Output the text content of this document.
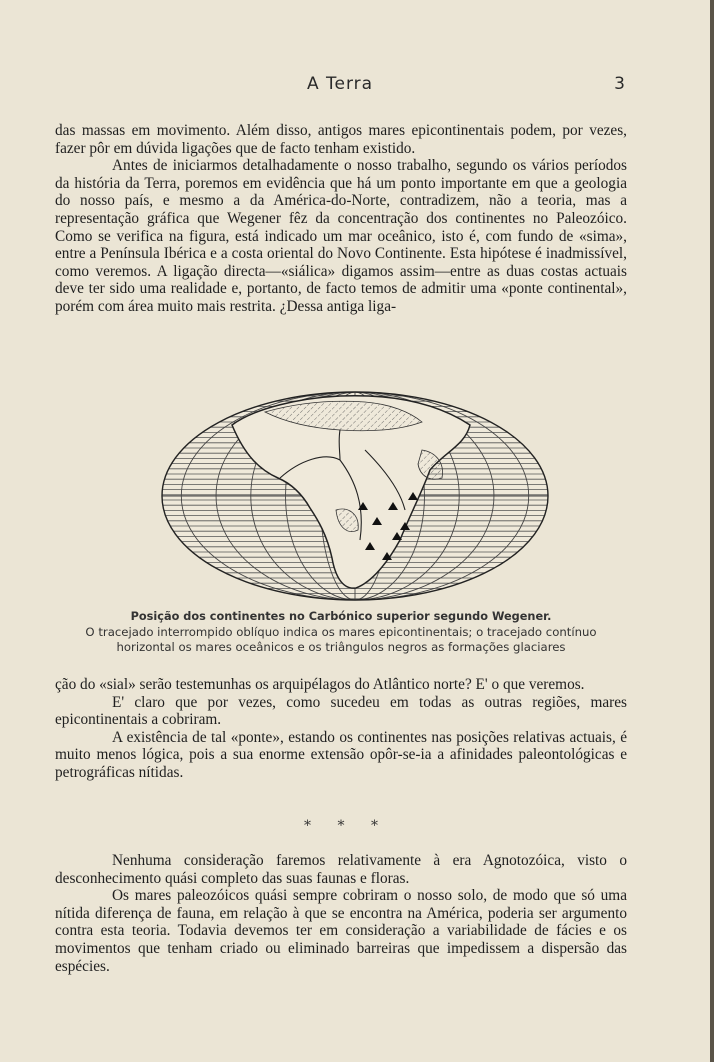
A Terra	3

das massas em movimento. Além disso, antigos mares epicontinentais podem, por vezes, fazer pôr em dúvida ligações que de facto tenham existido.

Antes de iniciarmos detalhadamente o nosso trabalho, segundo os vários períodos da história da Terra, poremos em evidência que há um ponto importante em que a geologia do nosso país, e mesmo a da América-do-Norte, contradizem, não a teoria, mas a representação gráfica que Wegener fêz da concentração dos continentes no Paleozóico. Como se verifica na figura, está indicado um mar oceânico, isto é, com fundo de «sima», entre a Península Ibérica e a costa oriental do Novo Continente. Esta hipótese é inadmissível, como veremos. A ligação directa—«siálica» digamos assim—entre as duas costas actuais deve ter sido uma realidade e, portanto, de facto temos de admitir uma «ponte continental», porém com área muito mais restrita. ¿Dessa antiga liga-

Posição dos continentes no Carbónico superior segundo Wegener.
O tracejado interrompido oblíquo indica os mares epicontinentais; o tracejado contínuo horizontal os mares oceânicos e os triângulos negros as formações glaciares

ção do «sial» serão testemunhas os arquipélagos do Atlântico norte? E' o que veremos.

E' claro que por vezes, como sucedeu em todas as outras regiões, mares epicontinentais a cobriram.

A existência de tal «ponte», estando os continentes nas posições relativas actuais, é muito menos lógica, pois a sua enorme extensão opôr-se-ia a afinidades paleontológicas e petrográficas nítidas.

* * *

Nenhuma consideração faremos relativamente à era Agnotozóica, visto o desconhecimento quási completo das suas faunas e floras.

Os mares paleozóicos quási sempre cobriram o nosso solo, de modo que só uma nítida diferença de fauna, em relação à que se encontra na América, poderia ser argumento contra esta teoria. Todavia devemos ter em consideração a variabilidade de fácies e os movimentos que tenham criado ou eliminado barreiras que impedissem a dispersão das espécies.
